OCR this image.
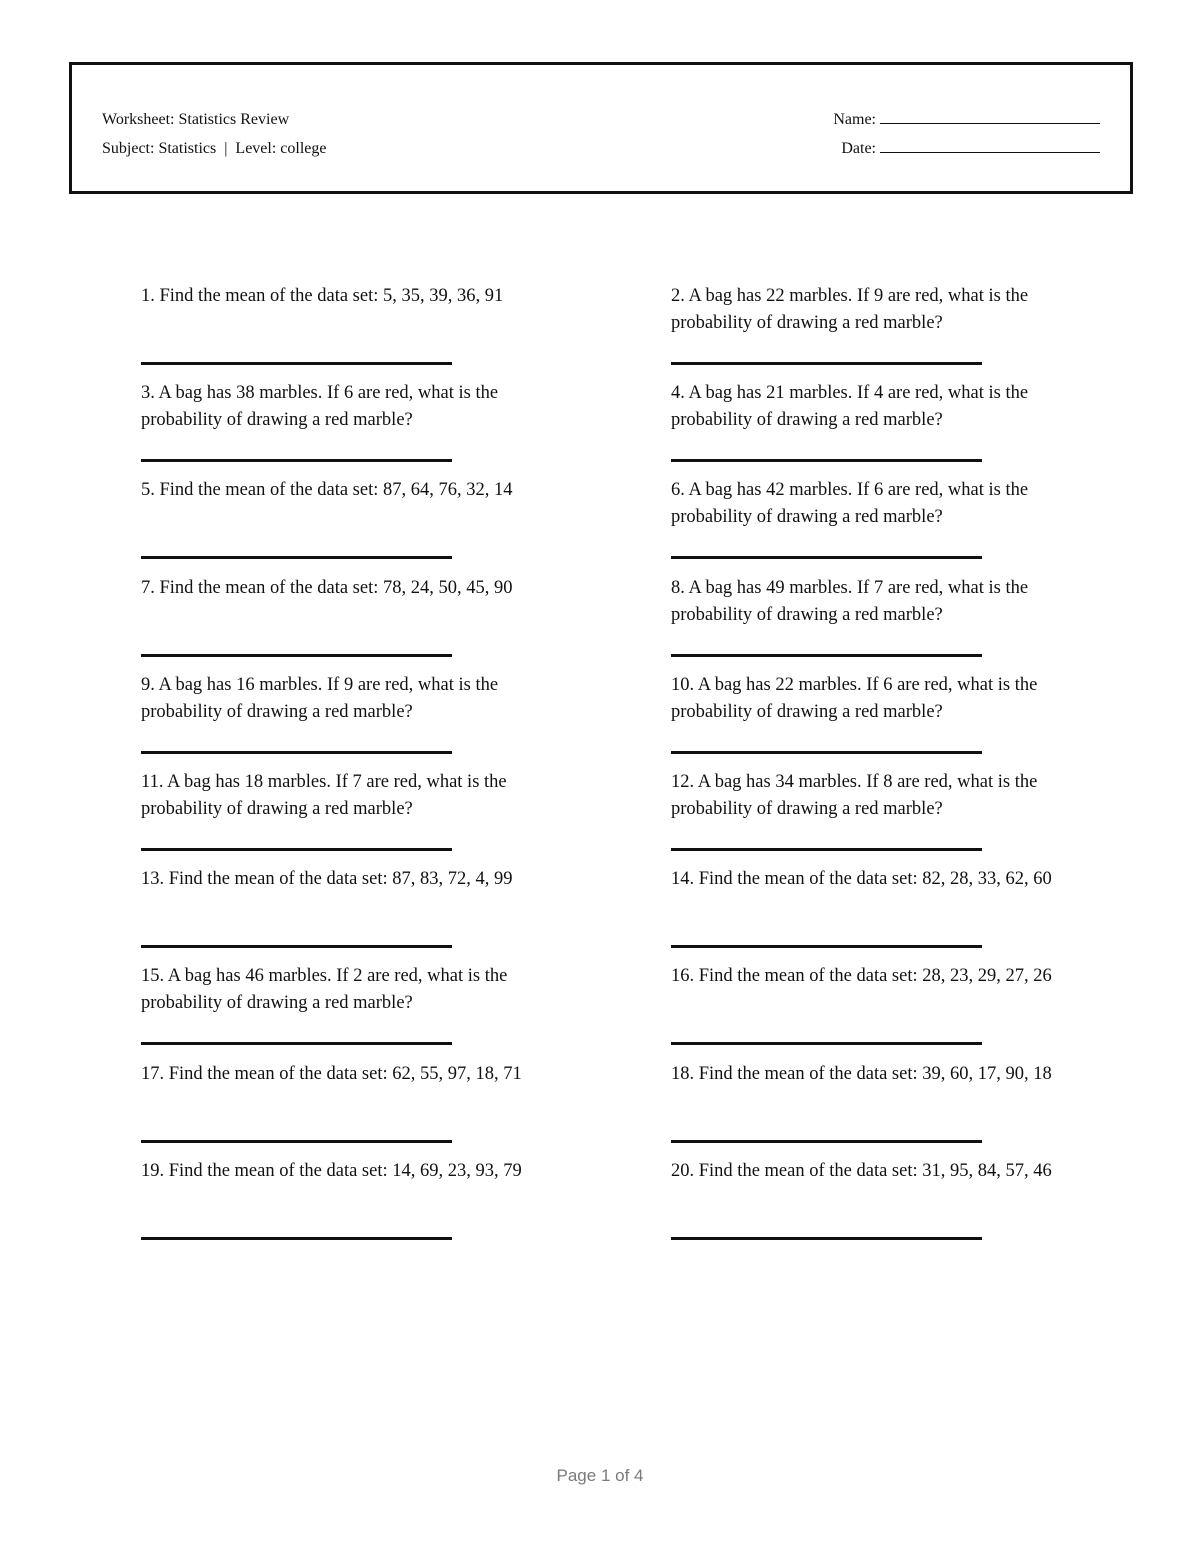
Worksheet: Statistics Review
Subject: Statistics | Level: college
Name:
Date:

1. Find the mean of the data set: 5, 35, 39, 36, 91	2. A bag has 22 marbles. If 9 are red, what is the probability of drawing a red marble?

3. A bag has 38 marbles. If 6 are red, what is the probability of drawing a red marble?

4. A bag has 21 marbles. If 4 are red, what is the probability of drawing a red marble?

5. Find the mean of the data set: 87, 64, 76, 32, 14	6. A bag has 42 marbles. If 6 are red, what is the probability of drawing a red marble?

7. Find the mean of the data set: 78, 24, 50, 45, 90	8. A bag has 49 marbles. If 7 are red, what is the probability of drawing a red marble?

9. A bag has 16 marbles. If 9 are red, what is the probability of drawing a red marble?

10. A bag has 22 marbles. If 6 are red, what is the probability of drawing a red marble?

11. A bag has 18 marbles. If 7 are red, what is the probability of drawing a red marble?

12. A bag has 34 marbles. If 8 are red, what is the probability of drawing a red marble?

13. Find the mean of the data set: 87, 83, 72, 4, 99	14. Find the mean of the data set: 82, 28, 33, 62, 60

15. A bag has 46 marbles. If 2 are red, what is the probability of drawing a red marble?

16. Find the mean of the data set: 28, 23, 29, 27, 26

17. Find the mean of the data set: 62, 55, 97, 18, 71	18. Find the mean of the data set: 39, 60, 17, 90, 18

19. Find the mean of the data set: 14, 69, 23, 93, 79	20. Find the mean of the data set: 31, 95, 84, 57, 46

Page 1 of 4
